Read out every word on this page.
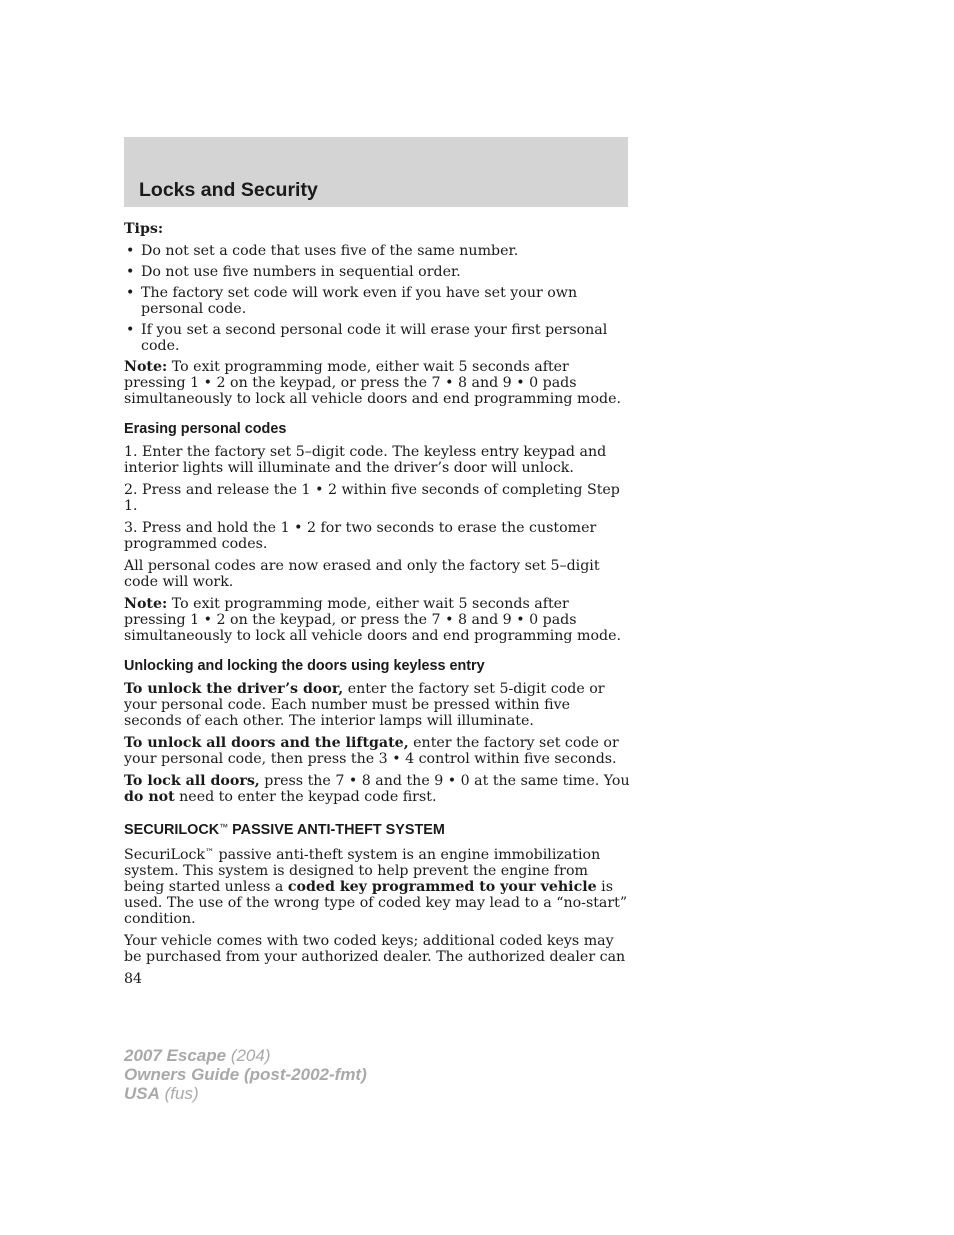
Locks and Security

Tips:

• Do not set a code that uses five of the same number.
• Do not use five numbers in sequential order.
• The factory set code will work even if you have set your own personal code.
• If you set a second personal code it will erase your first personal code.

Note: To exit programming mode, either wait 5 seconds after pressing 1 • 2 on the keypad, or press the 7 • 8 and 9 • 0 pads simultaneously to lock all vehicle doors and end programming mode.

Erasing personal codes

1. Enter the factory set 5–digit code. The keyless entry keypad and interior lights will illuminate and the driver’s door will unlock.

2. Press and release the 1 • 2 within five seconds of completing Step 1.

3. Press and hold the 1 • 2 for two seconds to erase the customer programmed codes.

All personal codes are now erased and only the factory set 5–digit code will work.

Note: To exit programming mode, either wait 5 seconds after pressing 1 • 2 on the keypad, or press the 7 • 8 and 9 • 0 pads simultaneously to lock all vehicle doors and end programming mode.

Unlocking and locking the doors using keyless entry

To unlock the driver’s door, enter the factory set 5-digit code or your personal code. Each number must be pressed within five seconds of each other. The interior lamps will illuminate.

To unlock all doors and the liftgate, enter the factory set code or your personal code, then press the 3 • 4 control within five seconds.

To lock all doors, press the 7 • 8 and the 9 • 0 at the same time. You do not need to enter the keypad code first.

SECURILOCK™ PASSIVE ANTI-THEFT SYSTEM

SecuriLock™ passive anti-theft system is an engine immobilization system. This system is designed to help prevent the engine from being started unless a coded key programmed to your vehicle is used. The use of the wrong type of coded key may lead to a “no-start” condition.

Your vehicle comes with two coded keys; additional coded keys may be purchased from your authorized dealer. The authorized dealer can

84

2007 Escape (204)
Owners Guide (post-2002-fmt)
USA (fus)
